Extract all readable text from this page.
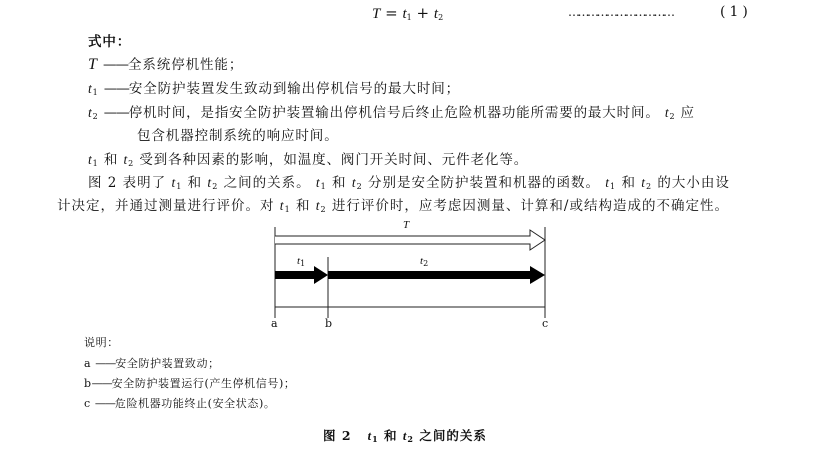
$T = t_1 + t_2$	……………………………	(1)
式中：
T ——全系统停机性能；
$t_1$ ——安全防护装置发生致动到输出停机信号的最大时间；
$t_2$ ——停机时间，是指安全防护装置输出停机信号后终止危险机器功能所需要的最大时间。 $t_2$ 应
包含机器控制系统的响应时间。
$t_1$ 和 $t_2$ 受到各种因素的影响，如温度、阀门开关时间、元件老化等。
图 2 表明了 $t_1$ 和 $t_2$ 之间的关系。 $t_1$ 和 $t_2$ 分别是安全防护装置和机器的函数。 $t_1$ 和 $t_2$ 的大小由设
计决定，并通过测量进行评价。对 $t_1$ 和 $t_2$ 进行评价时，应考虑因测量、计算和/或结构造成的不确定性。
T
$t_1$	$t_2$
a	b	c
说明：
a ——安全防护装置致动；
b——安全防护装置运行(产生停机信号)；
c ——危险机器功能终止(安全状态)。
图 2 $t_1$ 和 $t_2$ 之间的关系
